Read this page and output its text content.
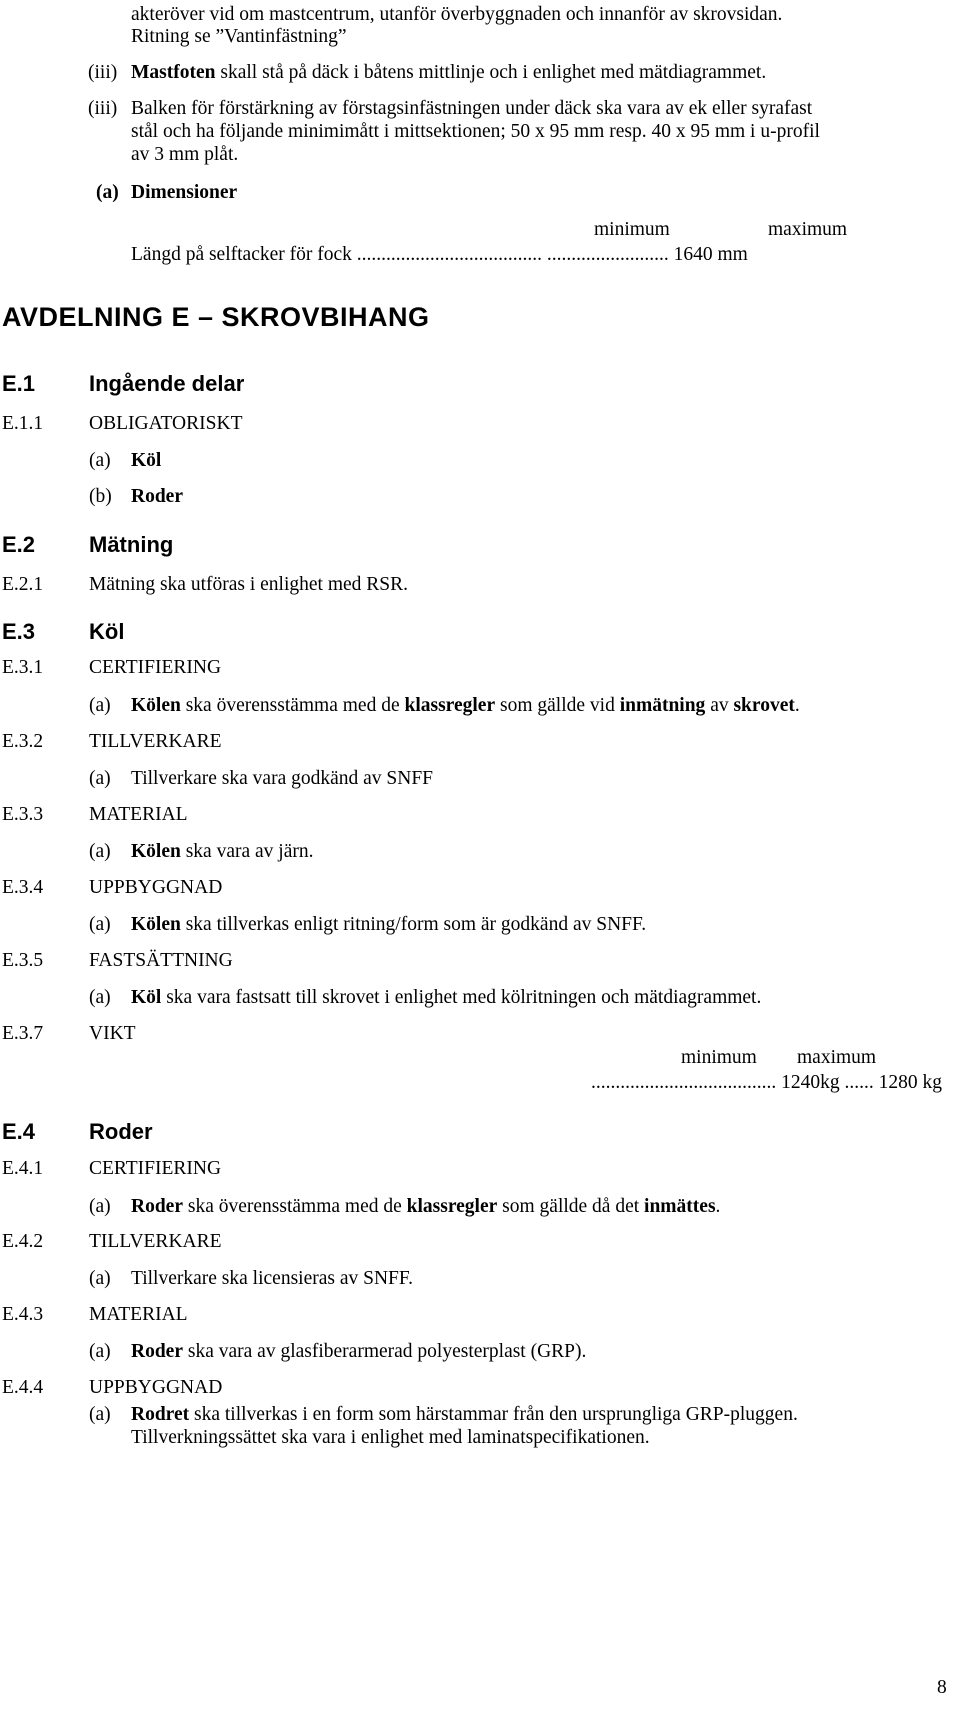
akteröver vid om mastcentrum, utanför överbyggnaden och innanför av skrovsidan.
Ritning se ”Vantinfästning”
(iii) Mastfoten skall stå på däck i båtens mittlinje och i enlighet med mätdiagrammet.
(iii) Balken för förstärkning av förstagsinfästningen under däck ska vara av ek eller syrafast
stål och ha följande minimimått i mittsektionen; 50 x 95 mm resp. 40 x 95 mm i u-profil
av 3 mm plåt.
(a) Dimensioner
minimum	maximum
Längd på selftacker för fock ...................................... ......................... 1640 mm
AVDELNING E – SKROVBIHANG
E.1 Ingående delar
E.1.1 OBLIGATORISKT
(a) Köl
(b) Roder
E.2 Mätning
E.2.1 Mätning ska utföras i enlighet med RSR.
E.3 Köl
E.3.1 CERTIFIERING
(a) Kölen ska överensstämma med de klassregler som gällde vid inmätning av skrovet.
E.3.2 TILLVERKARE
(a) Tillverkare ska vara godkänd av SNFF
E.3.3 MATERIAL
(a) Kölen ska vara av järn.
E.3.4 UPPBYGGNAD
(a) Kölen ska tillverkas enligt ritning/form som är godkänd av SNFF.
E.3.5 FASTSÄTTNING
(a) Köl ska vara fastsatt till skrovet i enlighet med kölritningen och mätdiagrammet.
E.3.7 VIKT
minimum maximum
...................................... 1240kg ...... 1280 kg
E.4 Roder
E.4.1 CERTIFIERING
(a) Roder ska överensstämma med de klassregler som gällde då det inmättes.
E.4.2 TILLVERKARE
(a) Tillverkare ska licensieras av SNFF.
E.4.3 MATERIAL
(a) Roder ska vara av glasfiberarmerad polyesterplast (GRP).
E.4.4 UPPBYGGNAD
(a) Rodret ska tillverkas i en form som härstammar från den ursprungliga GRP-pluggen.
Tillverkningssättet ska vara i enlighet med laminatspecifikationen.
8
